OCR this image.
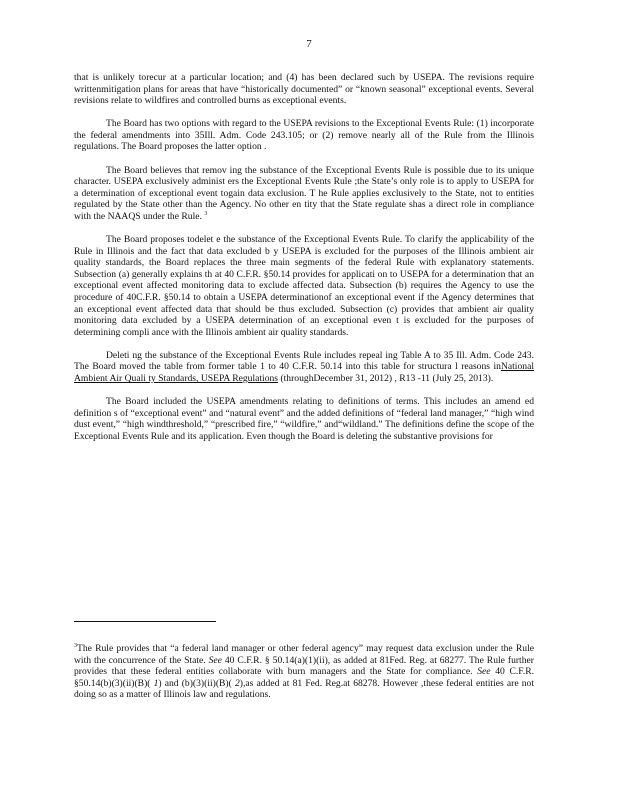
7

that is unlikely torecur at a particular location; and (4) has been declared such by USEPA. The revisions require writtenmitigation plans for areas that have “historically documented” or “known seasonal” exceptional events. Several revisions relate to wildfires and controlled burns as exceptional events.

The Board has two options with regard to the USEPA revisions to the Exceptional Events Rule: (1) incorporate the federal amendments into 35Ill. Adm. Code 243.105; or (2) remove nearly all of the Rule from the Illinois regulations. The Board proposes the latter option .

The Board believes that remov ing the substance of the Exceptional Events Rule is possible due to its unique character. USEPA exclusively administ ers the Exceptional Events Rule ;the State’s only role is to apply to USEPA for a determination of exceptional event togain data exclusion. T he Rule applies exclusively to the State, not to entities regulated by the State other than the Agency. No other en tity that the State regulate shas a direct role in compliance with the NAAQS under the Rule. $^3$

The Board proposes todelet e the substance of the Exceptional Events Rule. To clarify the applicability of the Rule in Illinois and the fact that data excluded b y USEPA is excluded for the purposes of the Illinois ambient air quality standards, the Board replaces the three main segments of the federal Rule with explanatory statements. Subsection (a) generally explains th at 40 C.F.R. §50.14 provides for applicati on to USEPA for a determination that an exceptional event affected monitoring data to exclude affected data. Subsection (b) requires the Agency to use the procedure of 40C.F.R. §50.14 to obtain a USEPA determinationof an exceptional event if the Agency determines that an exceptional event affected data that should be thus excluded. Subsection (c) provides that ambient air quality monitoring data excluded by a USEPA determination of an exceptional even t is excluded for the purposes of determining compli ance with the Illinois ambient air quality standards.

Deleti ng the substance of the Exceptional Events Rule includes repeal ing Table A to 35 Ill. Adm. Code 243. The Board moved the table from former table 1 to 40 C.F.R. 50.14 into this table for structura l reasons inNational Ambient Air Quali ty Standards, USEPA Regulations (throughDecember 31, 2012) , R13 -11 (July 25, 2013).

The Board included the USEPA amendments relating to definitions of terms. This includes an amend ed definition s of “exceptional event” and “natural event” and the added definitions of “federal land manager,” “high wind dust event,” “high windthreshold,” “prescribed fire,” “wildfire,” and“wildland.” The definitions define the scope of the Exceptional Events Rule and its application. Even though the Board is deleting the substantive provisions for

$^3$The Rule provides that “a federal land manager or other federal agency” may request data exclusion under the Rule with the concurrence of the State. See 40 C.F.R. § 50.14(a)(1)(ii), as added at 81Fed. Reg. at 68277. The Rule further provides that these federal entities collaborate with burn managers and the State for compliance. See 40 C.F.R. §50.14(b)(3)(ii)(B)( 1) and (b)(3)(ii)(B)( 2),as added at 81 Fed. Reg.at 68278. However ,these federal entities are not doing so as a matter of Illinois law and regulations.
